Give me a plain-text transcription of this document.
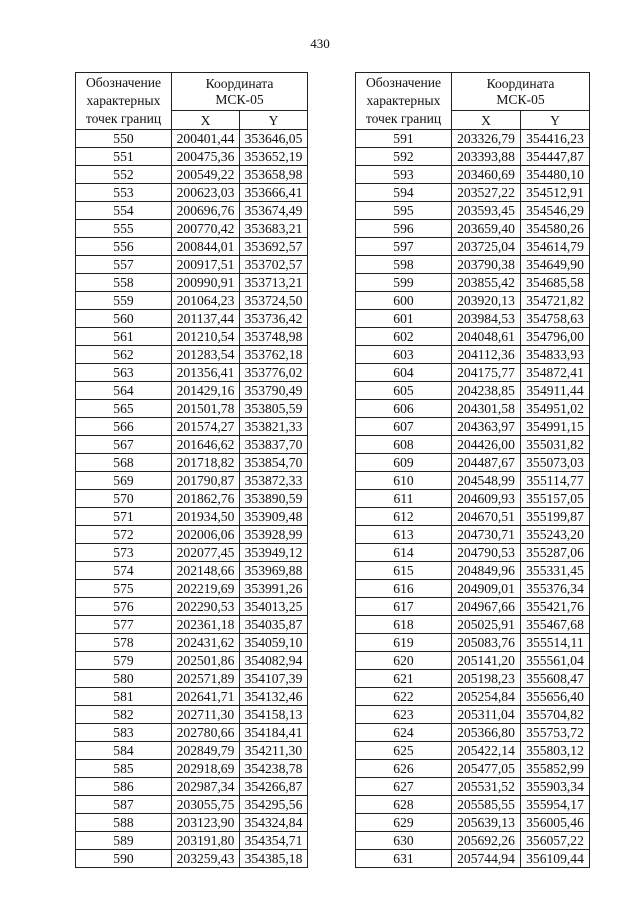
430
Обозначение
характерных
точек границ	Координата
МСК-05	
	X	Y
550	200401,44	353646,05
551	200475,36	353652,19
552	200549,22	353658,98
553	200623,03	353666,41
554	200696,76	353674,49
555	200770,42	353683,21
556	200844,01	353692,57
557	200917,51	353702,57
558	200990,91	353713,21
559	201064,23	353724,50
560	201137,44	353736,42
561	201210,54	353748,98
562	201283,54	353762,18
563	201356,41	353776,02
564	201429,16	353790,49
565	201501,78	353805,59
566	201574,27	353821,33
567	201646,62	353837,70
568	201718,82	353854,70
569	201790,87	353872,33
570	201862,76	353890,59
571	201934,50	353909,48
572	202006,06	353928,99
573	202077,45	353949,12
574	202148,66	353969,88
575	202219,69	353991,26
576	202290,53	354013,25
577	202361,18	354035,87
578	202431,62	354059,10
579	202501,86	354082,94
580	202571,89	354107,39
581	202641,71	354132,46
582	202711,30	354158,13
583	202780,66	354184,41
584	202849,79	354211,30
585	202918,69	354238,78
586	202987,34	354266,87
587	203055,75	354295,56
588	203123,90	354324,84
589	203191,80	354354,71
590	203259,43	354385,18
Обозначение
характерных
точек границ	Координата
МСК-05	
	X	Y
591	203326,79	354416,23
592	203393,88	354447,87
593	203460,69	354480,10
594	203527,22	354512,91
595	203593,45	354546,29
596	203659,40	354580,26
597	203725,04	354614,79
598	203790,38	354649,90
599	203855,42	354685,58
600	203920,13	354721,82
601	203984,53	354758,63
602	204048,61	354796,00
603	204112,36	354833,93
604	204175,77	354872,41
605	204238,85	354911,44
606	204301,58	354951,02
607	204363,97	354991,15
608	204426,00	355031,82
609	204487,67	355073,03
610	204548,99	355114,77
611	204609,93	355157,05
612	204670,51	355199,87
613	204730,71	355243,20
614	204790,53	355287,06
615	204849,96	355331,45
616	204909,01	355376,34
617	204967,66	355421,76
618	205025,91	355467,68
619	205083,76	355514,11
620	205141,20	355561,04
621	205198,23	355608,47
622	205254,84	355656,40
623	205311,04	355704,82
624	205366,80	355753,72
625	205422,14	355803,12
626	205477,05	355852,99
627	205531,52	355903,34
628	205585,55	355954,17
629	205639,13	356005,46
630	205692,26	356057,22
631	205744,94	356109,44
